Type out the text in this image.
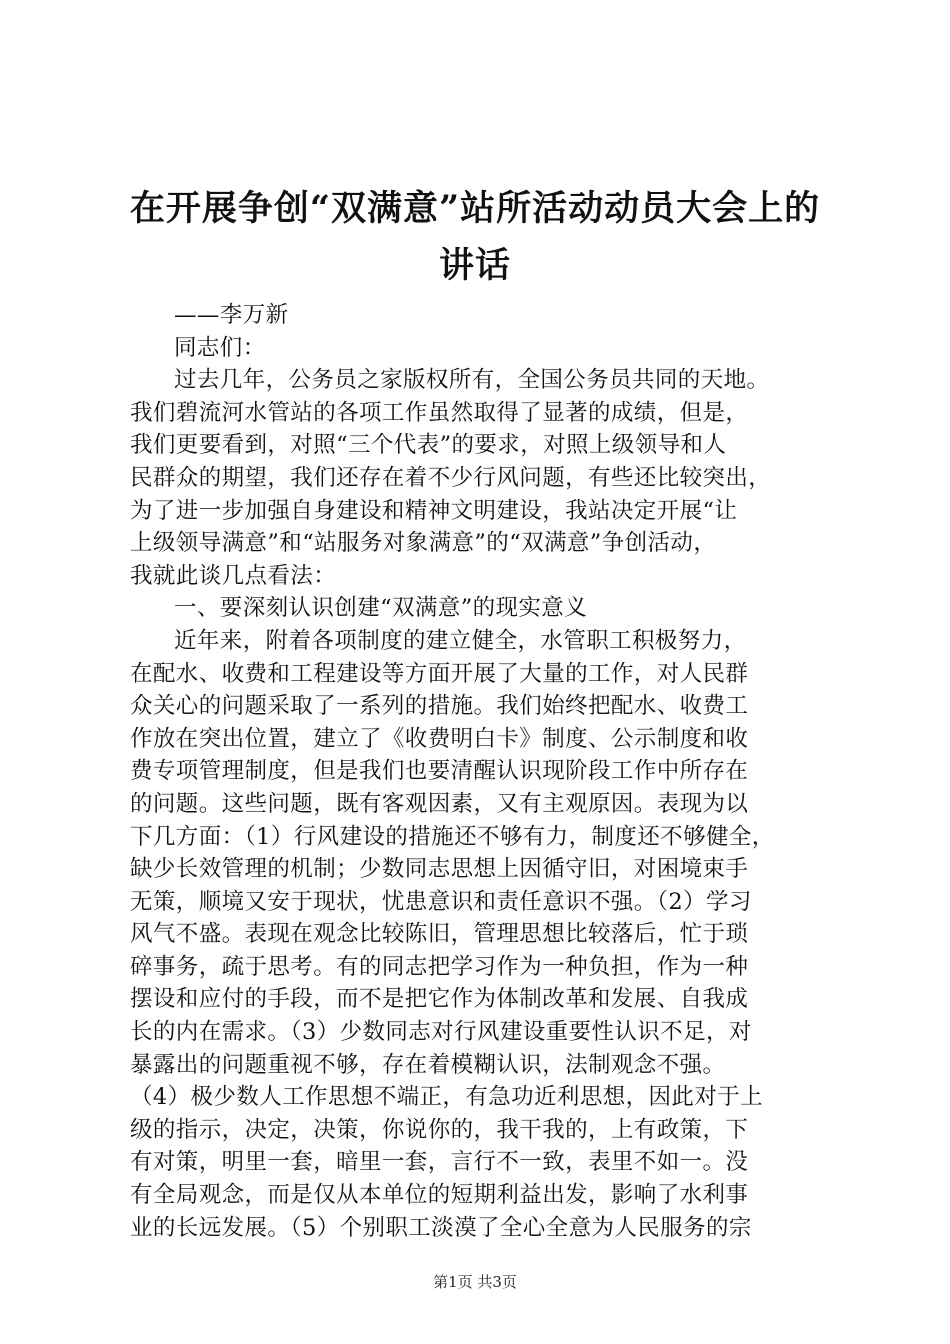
在开展争创“双满意”站所活动动员大会上的
讲话
——李万新
同志们：
过去几年，公务员之家版权所有，全国公务员共同的天地。
我们碧流河水管站的各项工作虽然取得了显著的成绩，但是，
我们更要看到，对照“三个代表”的要求，对照上级领导和人
民群众的期望，我们还存在着不少行风问题，有些还比较突出，
为了进一步加强自身建设和精神文明建设，我站决定开展“让
上级领导满意”和“站服务对象满意”的“双满意”争创活动，
我就此谈几点看法：
一、要深刻认识创建“双满意”的现实意义
近年来，附着各项制度的建立健全，水管职工积极努力，
在配水、收费和工程建设等方面开展了大量的工作，对人民群
众关心的问题采取了一系列的措施。我们始终把配水、收费工
作放在突出位置，建立了《收费明白卡》制度、公示制度和收
费专项管理制度，但是我们也要清醒认识现阶段工作中所存在
的问题。这些问题，既有客观因素，又有主观原因。表现为以
下几方面：（1）行风建设的措施还不够有力，制度还不够健全，
缺少长效管理的机制；少数同志思想上因循守旧，对困境束手
无策，顺境又安于现状，忧患意识和责任意识不强。（2）学习
风气不盛。表现在观念比较陈旧，管理思想比较落后，忙于琐
碎事务，疏于思考。有的同志把学习作为一种负担，作为一种
摆设和应付的手段，而不是把它作为体制改革和发展、自我成
长的内在需求。（3）少数同志对行风建设重要性认识不足，对
暴露出的问题重视不够，存在着模糊认识，法制观念不强。
（4）极少数人工作思想不端正，有急功近利思想，因此对于上
级的指示，决定，决策，你说你的，我干我的，上有政策，下
有对策，明里一套，暗里一套，言行不一致，表里不如一。没
有全局观念，而是仅从本单位的短期利益出发，影响了水利事
业的长远发展。（5）个别职工淡漠了全心全意为人民服务的宗
第1页 共3页
